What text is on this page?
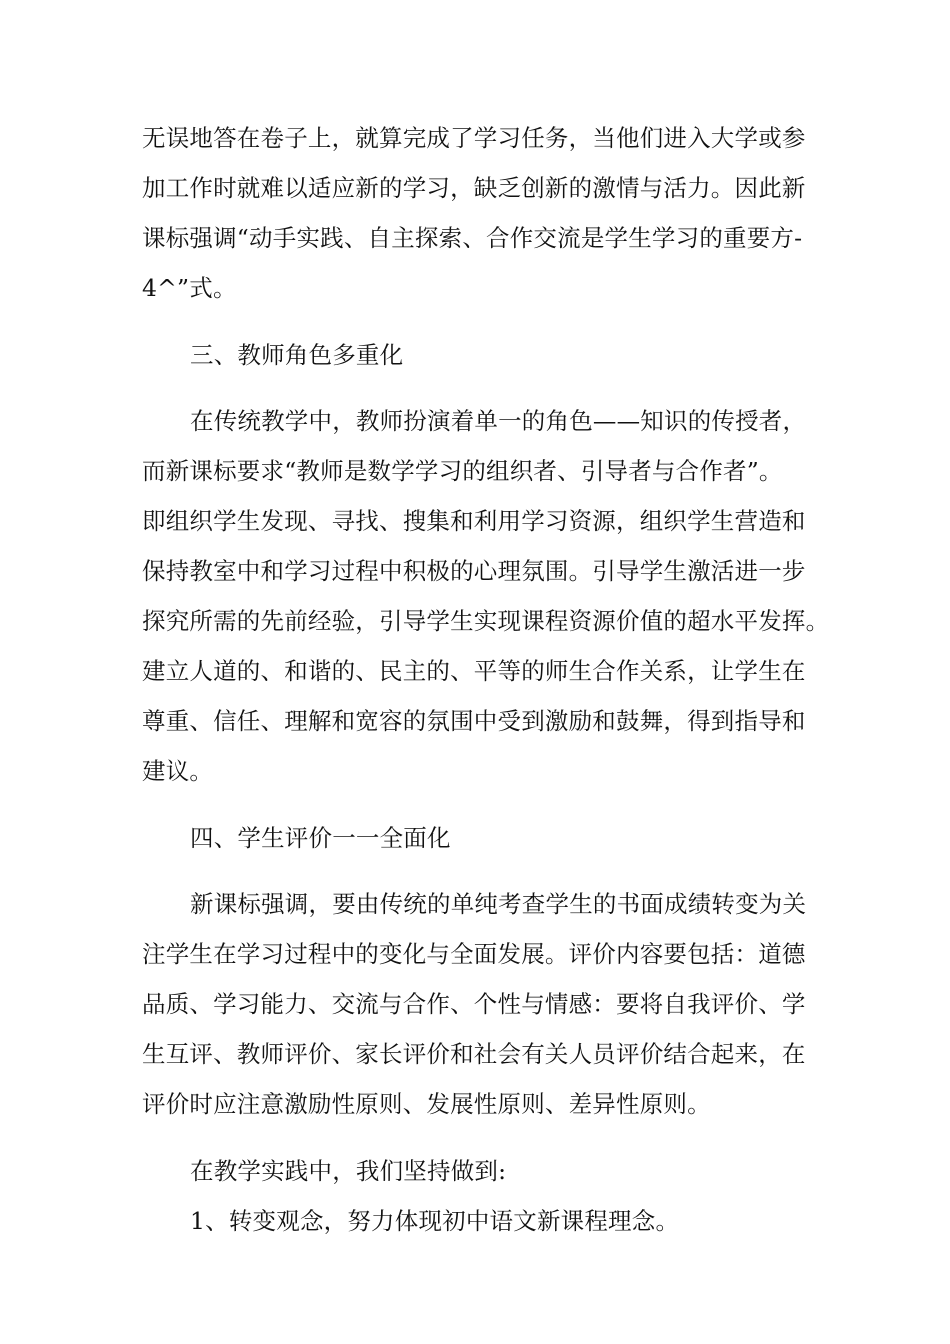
无误地答在卷子上，就算完成了学习任务，当他们进入大学或参
加工作时就难以适应新的学习，缺乏创新的激情与活力。因此新
课标强调“动手实践、自主探索、合作交流是学生学习的重要方-
4^”式。
三、教师角色多重化
在传统教学中，教师扮演着单一的角色——知识的传授者，
而新课标要求“教师是数学学习的组织者、引导者与合作者”。
即组织学生发现、寻找、搜集和利用学习资源，组织学生营造和
保持教室中和学习过程中积极的心理氛围。引导学生激活进一步
探究所需的先前经验，引导学生实现课程资源价值的超水平发挥。
建立人道的、和谐的、民主的、平等的师生合作关系，让学生在
尊重、信任、理解和宽容的氛围中受到激励和鼓舞，得到指导和
建议。
四、学生评价一一全面化
新课标强调，要由传统的单纯考查学生的书面成绩转变为关
注学生在学习过程中的变化与全面发展。评价内容要包括：道德
品质、学习能力、交流与合作、个性与情感：要将自我评价、学
生互评、教师评价、家长评价和社会有关人员评价结合起来，在
评价时应注意激励性原则、发展性原则、差异性原则。
在教学实践中，我们坚持做到:
1、转变观念，努力体现初中语文新课程理念。
